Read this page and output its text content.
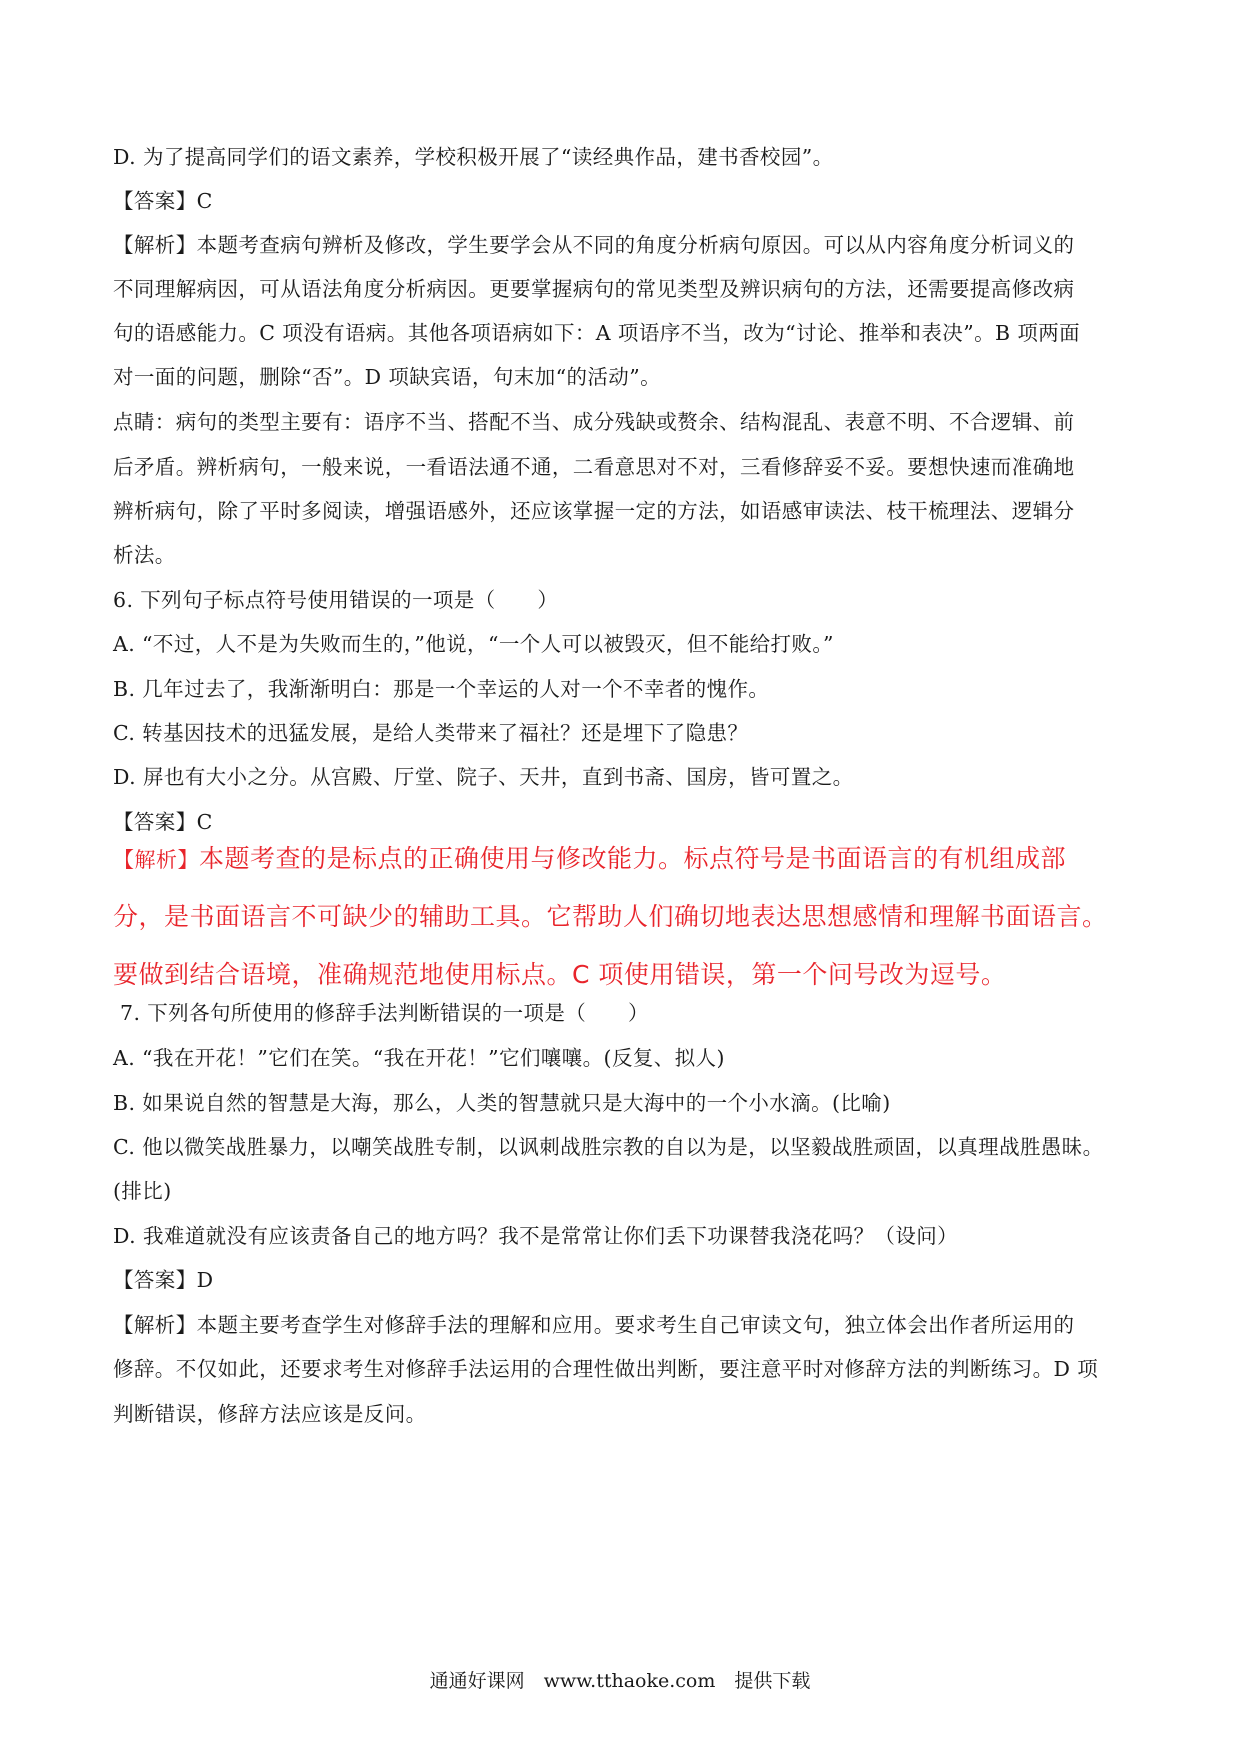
D. 为了提高同学们的语文素养，学校积极开展了“读经典作品，建书香校园”。
【答案】C
【解析】本题考查病句辨析及修改，学生要学会从不同的角度分析病句原因。可以从内容角度分析词义的
不同理解病因，可从语法角度分析病因。更要掌握病句的常见类型及辨识病句的方法，还需要提高修改病
句的语感能力。C 项没有语病。其他各项语病如下：A 项语序不当，改为“讨论、推举和表决”。B 项两面
对一面的问题，删除“否”。D 项缺宾语，句末加“的活动”。
点睛：病句的类型主要有：语序不当、搭配不当、成分残缺或赘余、结构混乱、表意不明、不合逻辑、前
后矛盾。辨析病句，一般来说，一看语法通不通，二看意思对不对，三看修辞妥不妥。要想快速而准确地
辨析病句，除了平时多阅读，增强语感外，还应该掌握一定的方法，如语感审读法、枝干梳理法、逻辑分
析法。
6. 下列句子标点符号使用错误的一项是（　　）
A. “不过，人不是为失败而生的，”他说，“一个人可以被毁灭，但不能给打败。”
B. 几年过去了，我渐渐明白：那是一个幸运的人对一个不幸者的愧作。
C. 转基因技术的迅猛发展，是给人类带来了福社？还是埋下了隐患？
D. 屏也有大小之分。从宫殿、厅堂、院子、天井，直到书斋、国房，皆可置之。
【答案】C
【解析】本题考查的是标点的正确使用与修改能力。标点符号是书面语言的有机组成部
分，是书面语言不可缺少的辅助工具。它帮助人们确切地表达思想感情和理解书面语言。
要做到结合语境，准确规范地使用标点。C 项使用错误，第一个问号改为逗号。
7. 下列各句所使用的修辞手法判断错误的一项是（　　）
A. “我在开花！”它们在笑。“我在开花！”它们嚷嚷。(反复、拟人)
B. 如果说自然的智慧是大海，那么，人类的智慧就只是大海中的一个小水滴。(比喻)
C. 他以微笑战胜暴力，以嘲笑战胜专制，以讽刺战胜宗教的自以为是，以坚毅战胜顽固，以真理战胜愚昧。
(排比)
D. 我难道就没有应该责备自己的地方吗？我不是常常让你们丢下功课替我浇花吗？（设问）
【答案】D
【解析】本题主要考查学生对修辞手法的理解和应用。要求考生自己审读文句，独立体会出作者所运用的
修辞。不仅如此，还要求考生对修辞手法运用的合理性做出判断，要注意平时对修辞方法的判断练习。D 项
判断错误，修辞方法应该是反问。
通通好课网　www.tthaoke.com　提供下载
